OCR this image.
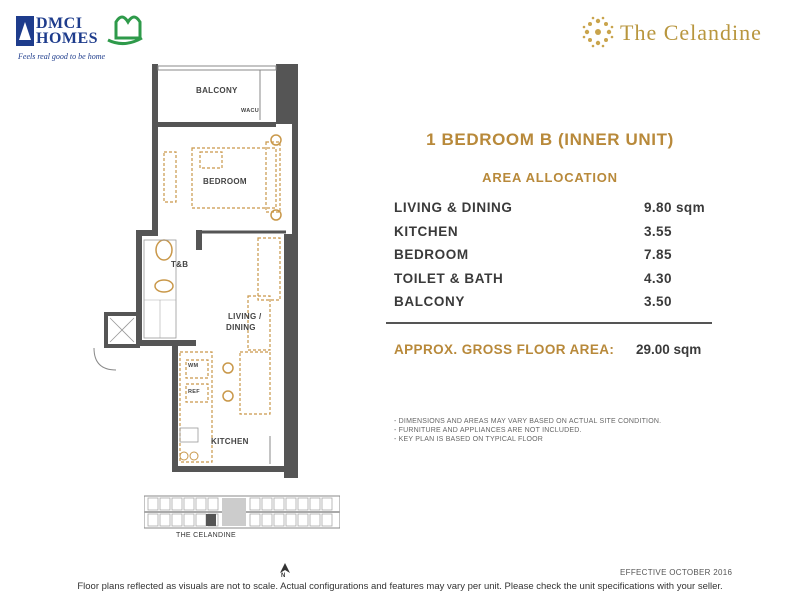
DMCI HOMES
Feels real good to be home
The Celandine
BALCONY
WACU
BEDROOM
T&B
LIVING /
DINING
WM
REF
KITCHEN
THE CELANDINE
N
1 BEDROOM B (INNER UNIT)
AREA ALLOCATION
LIVING & DINING	9.80 sqm
KITCHEN	3.55
BEDROOM	7.85
TOILET & BATH	4.30
BALCONY	3.50
APPROX. GROSS FLOOR AREA: 29.00 sqm
- DIMENSIONS AND AREAS MAY VARY BASED ON ACTUAL SITE CONDITION.
- FURNITURE AND APPLIANCES ARE NOT INCLUDED.
- KEY PLAN IS BASED ON TYPICAL FLOOR
EFFECTIVE OCTOBER 2016
Floor plans reflected as visuals are not to scale. Actual configurations and features may vary per unit. Please check the unit specifications with your seller.
